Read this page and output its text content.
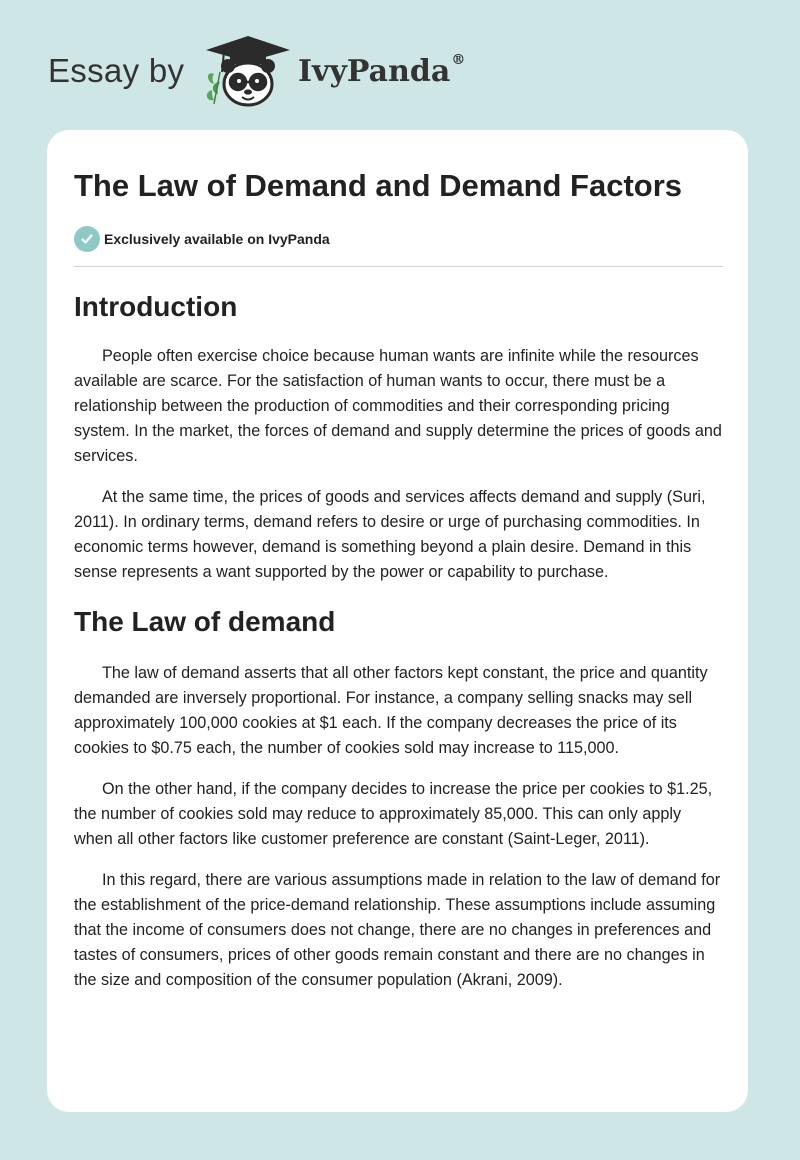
Essay by	IvyPanda®
The Law of Demand and Demand Factors
Exclusively available on IvyPanda
Introduction

People often exercise choice because human wants are infinite while the resources available are scarce. For the satisfaction of human wants to occur, there must be a relationship between the production of commodities and their corresponding pricing system. In the market, the forces of demand and supply determine the prices of goods and services.

At the same time, the prices of goods and services affects demand and supply (Suri, 2011). In ordinary terms, demand refers to desire or urge of purchasing commodities. In economic terms however, demand is something beyond a plain desire. Demand in this sense represents a want supported by the power or capability to purchase.

The Law of demand

The law of demand asserts that all other factors kept constant, the price and quantity demanded are inversely proportional. For instance, a company selling snacks may sell approximately 100,000 cookies at $1 each. If the company decreases the price of its cookies to $0.75 each, the number of cookies sold may increase to 115,000.

On the other hand, if the company decides to increase the price per cookies to $1.25, the number of cookies sold may reduce to approximately 85,000. This can only apply when all other factors like customer preference are constant (Saint-Leger, 2011).

In this regard, there are various assumptions made in relation to the law of demand for the establishment of the price-demand relationship. These assumptions include assuming that the income of consumers does not change, there are no changes in preferences and tastes of consumers, prices of other goods remain constant and there are no changes in the size and composition of the consumer population (Akrani, 2009).
